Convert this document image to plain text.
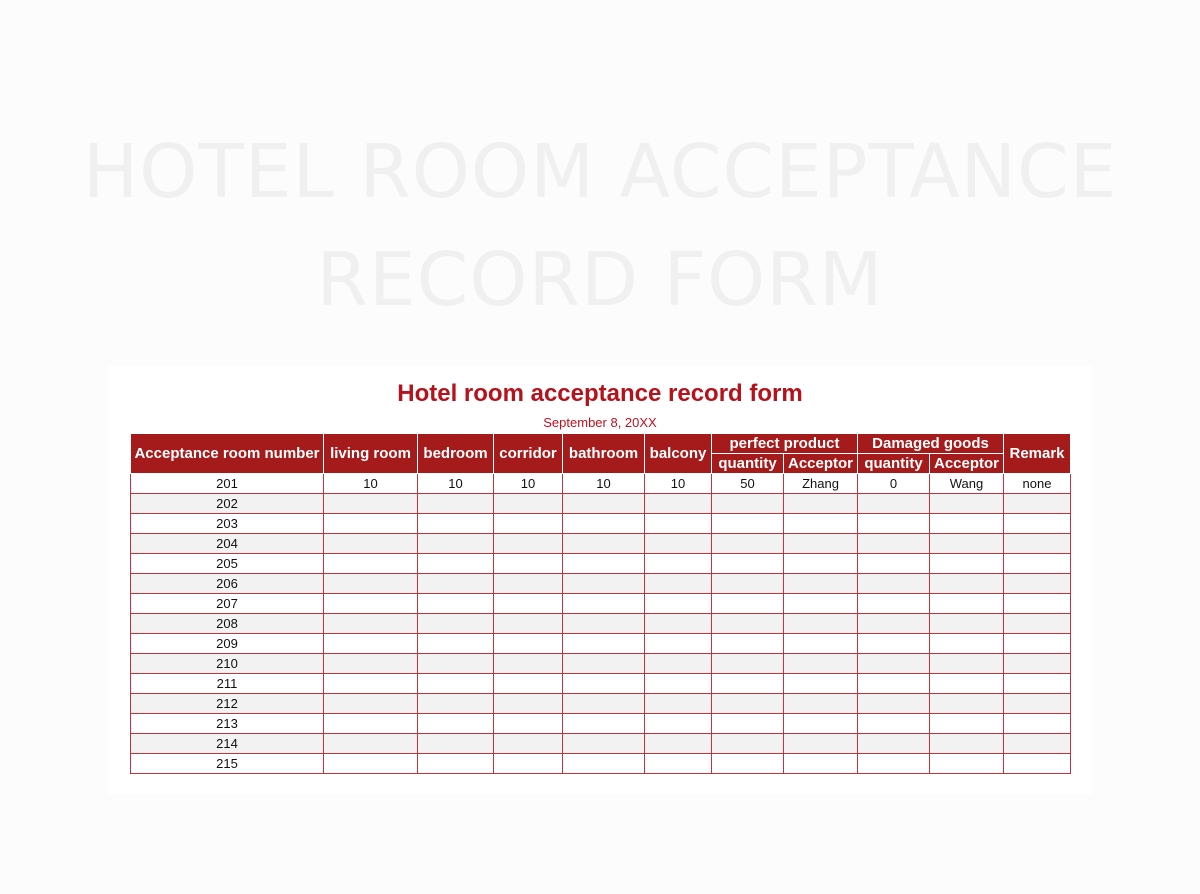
HOTEL ROOM ACCEPTANCE
RECORD FORM
Hotel room acceptance record form
September 8, 20XX
Acceptance room number	living room	bedroom	corridor	bathroom	balcony	perfect product		Damaged goods		Remark
						quantity	Acceptor	quantity	Acceptor	
201	10	10	10	10	10	50	Zhang	0	Wang	none
202										
203										
204										
205										
206										
207										
208										
209										
210										
211										
212										
213										
214										
215										
